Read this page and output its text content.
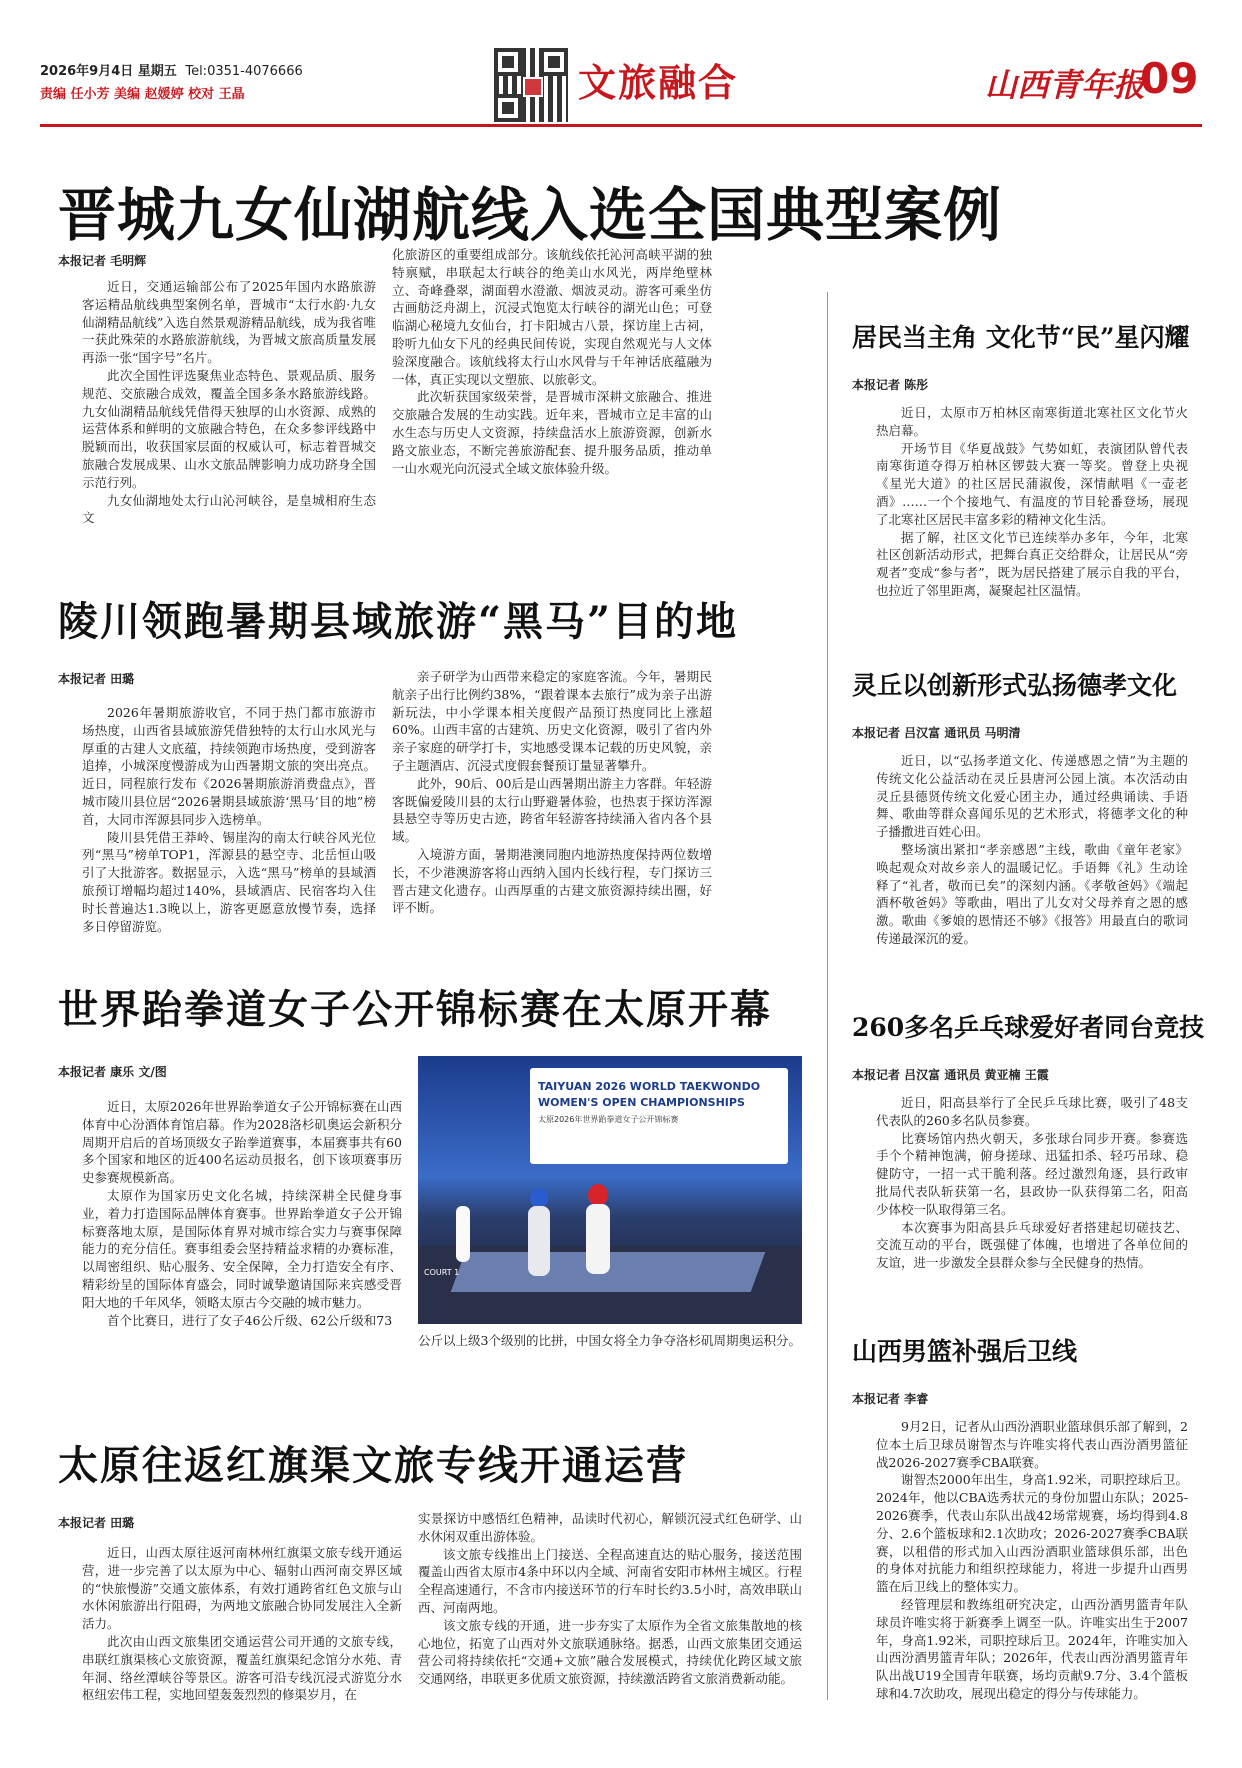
2026年9月4日 星期五 Tel:0351-4076666
责编 任小芳 美编 赵媛婷 校对 王晶	文旅融合	山西青年报
09
晋城九女仙湖航线入选全国典型案例
本报记者 毛明辉

近日，交通运输部公布了2025年国内水路旅游客运精品航线典型案例名单，晋城市“太行水韵·九女仙湖精品航线”入选自然景观游精品航线，成为我省唯一获此殊荣的水路旅游航线，为晋城文旅高质量发展再添一张“国字号”名片。

此次全国性评选聚焦业态特色、景观品质、服务规范、交旅融合成效，覆盖全国多条水路旅游线路。九女仙湖精品航线凭借得天独厚的山水资源、成熟的运营体系和鲜明的文旅融合特色，在众多参评线路中脱颖而出，收获国家层面的权威认可，标志着晋城交旅融合发展成果、山水文旅品牌影响力成功跻身全国示范行列。

九女仙湖地处太行山沁河峡谷，是皇城相府生态文

化旅游区的重要组成部分。该航线依托沁河高峡平湖的独特禀赋，串联起太行峡谷的绝美山水风光，两岸绝壁林立、奇峰叠翠，湖面碧水澄澈、烟波灵动。游客可乘坐仿古画舫泛舟湖上，沉浸式饱览太行峡谷的湖光山色；可登临湖心秘境九女仙台，打卡阳城古八景，探访崖上古祠，聆听九仙女下凡的经典民间传说，实现自然观光与人文体验深度融合。该航线将太行山水风骨与千年神话底蕴融为一体，真正实现以文塑旅、以旅彰文。

此次斩获国家级荣誉，是晋城市深耕文旅融合、推进交旅融合发展的生动实践。近年来，晋城市立足丰富的山水生态与历史人文资源，持续盘活水上旅游资源，创新水路文旅业态，不断完善旅游配套、提升服务品质，推动单一山水观光向沉浸式全域文旅体验升级。

陵川领跑暑期县域旅游“黑马”目的地
本报记者 田璐

2026年暑期旅游收官，不同于热门都市旅游市场热度，山西省县域旅游凭借独特的太行山水风光与厚重的古建人文底蕴，持续领跑市场热度，受到游客追捧，小城深度慢游成为山西暑期文旅的突出亮点。近日，同程旅行发布《2026暑期旅游消费盘点》，晋城市陵川县位居“2026暑期县域旅游‘黑马’目的地”榜首，大同市浑源县同步入选榜单。

陵川县凭借王莽岭、锡崖沟的南太行峡谷风光位列“黑马”榜单TOP1，浑源县的悬空寺、北岳恒山吸引了大批游客。数据显示，入选“黑马”榜单的县域酒旅预订增幅均超过140%，县域酒店、民宿客均入住时长普遍达1.3晚以上，游客更愿意放慢节奏，选择多日停留游览。

亲子研学为山西带来稳定的家庭客流。今年，暑期民航亲子出行比例约38%，“跟着课本去旅行”成为亲子出游新玩法，中小学课本相关度假产品预订热度同比上涨超60%。山西丰富的古建筑、历史文化资源，吸引了省内外亲子家庭的研学打卡，实地感受课本记载的历史风貌，亲子主题酒店、沉浸式度假套餐预订量显著攀升。

此外，90后、00后是山西暑期出游主力客群。年轻游客既偏爱陵川县的太行山野避暑体验，也热衷于探访浑源县悬空寺等历史古迹，跨省年轻游客持续涌入省内各个县域。

入境游方面，暑期港澳同胞内地游热度保持两位数增长，不少港澳游客将山西纳入国内长线行程，专门探访三晋古建文化遗存。山西厚重的古建文旅资源持续出圈，好评不断。

世界跆拳道女子公开锦标赛在太原开幕
本报记者 康乐 文/图

近日，太原2026年世界跆拳道女子公开锦标赛在山西体育中心汾酒体育馆启幕。作为2028洛杉矶奥运会新积分周期开启后的首场顶级女子跆拳道赛事，本届赛事共有60多个国家和地区的近400名运动员报名，创下该项赛事历史参赛规模新高。

太原作为国家历史文化名城，持续深耕全民健身事业，着力打造国际品牌体育赛事。世界跆拳道女子公开锦标赛落地太原，是国际体育界对城市综合实力与赛事保障能力的充分信任。赛事组委会坚持精益求精的办赛标准，以周密组织、贴心服务、安全保障，全力打造安全有序、精彩纷呈的国际体育盛会，同时诚挚邀请国际来宾感受晋阳大地的千年风华，领略太原古今交融的城市魅力。

首个比赛日，进行了女子46公斤级、62公斤级和73

TAIYUAN 2026 WORLD TAEKWONDO
WOMEN'S OPEN CHAMPIONSHIPS
太原2026年世界跆拳道女子公开锦标赛
COURT 1

公斤以上级3个级别的比拼，中国女将全力争夺洛杉矶周期奥运积分。

太原往返红旗渠文旅专线开通运营
本报记者 田璐

近日，山西太原往返河南林州红旗渠文旅专线开通运营，进一步完善了以太原为中心、辐射山西河南交界区域的“快旅慢游”交通文旅体系，有效打通跨省红色文旅与山水休闲旅游出行阻碍，为两地文旅融合协同发展注入全新活力。

此次由山西文旅集团交通运营公司开通的文旅专线，串联红旗渠核心文旅资源，覆盖红旗渠纪念馆分水苑、青年洞、络丝潭峡谷等景区。游客可沿专线沉浸式游览分水枢纽宏伟工程，实地回望轰轰烈烈的修渠岁月，在

实景探访中感悟红色精神，品读时代初心，解锁沉浸式红色研学、山水休闲双重出游体验。

该文旅专线推出上门接送、全程高速直达的贴心服务，接送范围覆盖山西省太原市4条中环以内全域、河南省安阳市林州主城区。行程全程高速通行，不含市内接送环节的行车时长约3.5小时，高效串联山西、河南两地。

该文旅专线的开通，进一步夯实了太原作为全省文旅集散地的核心地位，拓宽了山西对外文旅联通脉络。据悉，山西文旅集团交通运营公司将持续依托“交通+文旅”融合发展模式，持续优化跨区域文旅交通网络，串联更多优质文旅资源，持续激活跨省文旅消费新动能。

居民当主角 文化节“民”星闪耀
本报记者 陈彤

近日，太原市万柏林区南寒街道北寒社区文化节火热启幕。

开场节目《华夏战鼓》气势如虹，表演团队曾代表南寒街道夺得万柏林区锣鼓大赛一等奖。曾登上央视《星光大道》的社区居民蒲淑俊，深情献唱《一壶老酒》……一个个接地气、有温度的节目轮番登场，展现了北寒社区居民丰富多彩的精神文化生活。

据了解，社区文化节已连续举办多年，今年，北寒社区创新活动形式，把舞台真正交给群众，让居民从“旁观者”变成“参与者”，既为居民搭建了展示自我的平台，也拉近了邻里距离，凝聚起社区温情。

灵丘以创新形式弘扬德孝文化
本报记者 吕汉富 通讯员 马明清

近日，以“弘扬孝道文化、传递感恩之情”为主题的传统文化公益活动在灵丘县唐河公园上演。本次活动由灵丘县德贤传统文化爱心团主办，通过经典诵读、手语舞、歌曲等群众喜闻乐见的艺术形式，将德孝文化的种子播撒进百姓心田。

整场演出紧扣“孝亲感恩”主线，歌曲《童年老家》唤起观众对故乡亲人的温暖记忆。手语舞《礼》生动诠释了“礼者，敬而已矣”的深刻内涵。《孝敬爸妈》《端起酒杯敬爸妈》等歌曲，唱出了儿女对父母养育之恩的感激。歌曲《爹娘的恩情还不够》《报答》用最直白的歌词传递最深沉的爱。

260多名乒乓球爱好者同台竞技
本报记者 吕汉富 通讯员 黄亚楠 王霞

近日，阳高县举行了全民乒乓球比赛，吸引了48支代表队的260多名队员参赛。

比赛场馆内热火朝天，多张球台同步开赛。参赛选手个个精神饱满，俯身搓球、迅猛扣杀、轻巧吊球、稳健防守，一招一式干脆利落。经过激烈角逐，县行政审批局代表队斩获第一名，县政协一队获得第二名，阳高少体校一队取得第三名。

本次赛事为阳高县乒乓球爱好者搭建起切磋技艺、交流互动的平台，既强健了体魄，也增进了各单位间的友谊，进一步激发全县群众参与全民健身的热情。

山西男篮补强后卫线
本报记者 李睿

9月2日，记者从山西汾酒职业篮球俱乐部了解到，2位本土后卫球员谢智杰与许唯实将代表山西汾酒男篮征战2026-2027赛季CBA联赛。

谢智杰2000年出生，身高1.92米，司职控球后卫。2024年，他以CBA选秀状元的身份加盟山东队；2025-2026赛季，代表山东队出战42场常规赛，场均得到4.8分、2.6个篮板球和2.1次助攻；2026-2027赛季CBA联赛，以租借的形式加入山西汾酒职业篮球俱乐部，出色的身体对抗能力和组织控球能力，将进一步提升山西男篮在后卫线上的整体实力。

经管理层和教练组研究决定，山西汾酒男篮青年队球员许唯实将于新赛季上调至一队。许唯实出生于2007年，身高1.92米，司职控球后卫。2024年，许唯实加入山西汾酒男篮青年队；2026年，代表山西汾酒男篮青年队出战U19全国青年联赛，场均贡献9.7分、3.4个篮板球和4.7次助攻，展现出稳定的得分与传球能力。
